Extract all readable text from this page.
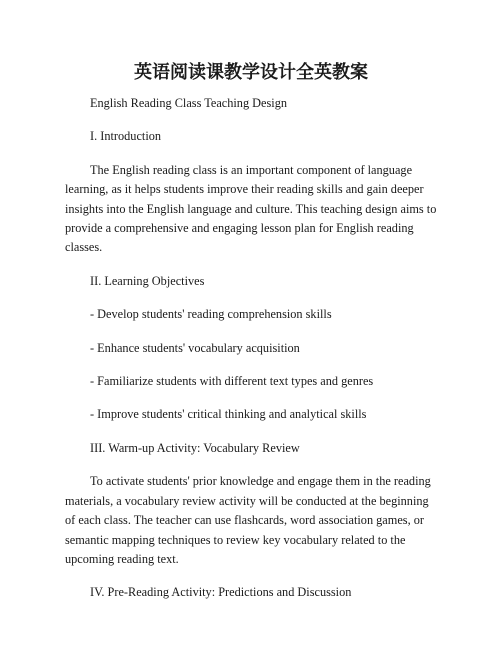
英语阅读课教学设计全英教案

English Reading Class Teaching Design

I. Introduction

The English reading class is an important component of language learning, as it helps students improve their reading skills and gain deeper insights into the English language and culture. This teaching design aims to provide a comprehensive and engaging lesson plan for English reading classes.

II. Learning Objectives

- Develop students' reading comprehension skills

- Enhance students' vocabulary acquisition

- Familiarize students with different text types and genres

- Improve students' critical thinking and analytical skills

III. Warm-up Activity: Vocabulary Review

To activate students' prior knowledge and engage them in the reading materials, a vocabulary review activity will be conducted at the beginning of each class. The teacher can use flashcards, word association games, or semantic mapping techniques to review key vocabulary related to the upcoming reading text.

IV. Pre-Reading Activity: Predictions and Discussion
